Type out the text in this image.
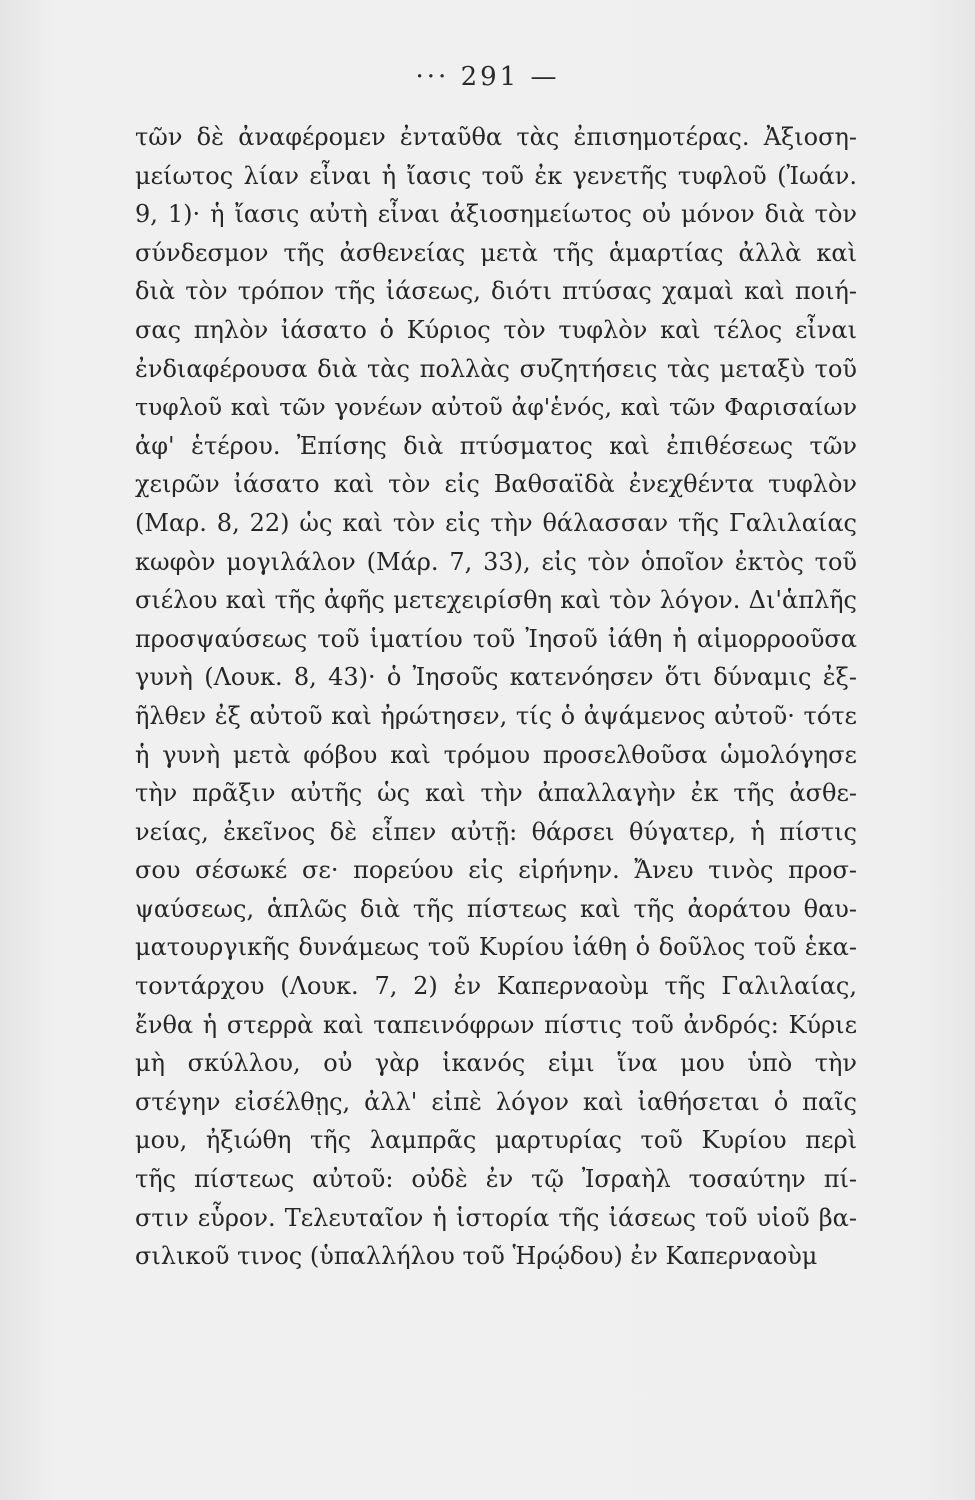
··· 291 —
τῶν δὲ ἀναφέρομεν ἐνταῦθα τὰς ἐπισημοτέρας. Ἀξιοση-
μείωτος λίαν εἶναι ἡ ἴασις τοῦ ἐκ γενετῆς τυφλοῦ (Ἰωάν.
9, 1)· ἡ ἴασις αὐτὴ εἶναι ἀξιοσημείωτος οὐ μόνον διὰ τὸν
σύνδεσμον τῆς ἀσθενείας μετὰ τῆς ἁμαρτίας ἀλλὰ καὶ
διὰ τὸν τρόπον τῆς ἰάσεως, διότι πτύσας χαμαὶ καὶ ποιή-
σας πηλὸν ἰάσατο ὁ Κύριος τὸν τυφλὸν καὶ τέλος εἶναι
ἐνδιαφέρουσα διὰ τὰς πολλὰς συζητήσεις τὰς μεταξὺ τοῦ
τυφλοῦ καὶ τῶν γονέων αὐτοῦ ἀφ'ἑνός, καὶ τῶν Φαρισαίων
ἀφ' ἑτέρου. Ἐπίσης διὰ πτύσματος καὶ ἐπιθέσεως τῶν
χειρῶν ἰάσατο καὶ τὸν εἰς Βαθσαϊδὰ ἐνεχθέντα τυφλὸν
(Μαρ. 8, 22) ὡς καὶ τὸν εἰς τὴν θάλασσαν τῆς Γαλιλαίας
κωφὸν μογιλάλον (Μάρ. 7, 33), εἰς τὸν ὁποῖον ἐκτὸς τοῦ
σιέλου καὶ τῆς ἀφῆς μετεχειρίσθη καὶ τὸν λόγον. Δι'ἁπλῆς
προσψαύσεως τοῦ ἱματίου τοῦ Ἰησοῦ ἰάθη ἡ αἱμορροοῦσα
γυνὴ (Λουκ. 8, 43)· ὁ Ἰησοῦς κατενόησεν ὅτι δύναμις ἐξ-
ῆλθεν ἐξ αὐτοῦ καὶ ἠρώτησεν, τίς ὁ ἀψάμενος αὐτοῦ· τότε
ἡ γυνὴ μετὰ φόβου καὶ τρόμου προσελθοῦσα ὡμολόγησε
τὴν πρᾶξιν αὐτῆς ὡς καὶ τὴν ἀπαλλαγὴν ἐκ τῆς ἀσθε-
νείας, ἐκεῖνος δὲ εἶπεν αὐτῇ: θάρσει θύγατερ, ἡ πίστις
σου σέσωκέ σε· πορεύου εἰς εἰρήνην. Ἄνευ τινὸς προσ-
ψαύσεως, ἁπλῶς διὰ τῆς πίστεως καὶ τῆς ἀοράτου θαυ-
ματουργικῆς δυνάμεως τοῦ Κυρίου ἰάθη ὁ δοῦλος τοῦ ἑκα-
τοντάρχου (Λουκ. 7, 2) ἐν Καπερναοὺμ τῆς Γαλιλαίας,
ἔνθα ἡ στερρὰ καὶ ταπεινόφρων πίστις τοῦ ἀνδρός: Κύριε
μὴ σκύλλου, οὐ γὰρ ἱκανός εἰμι ἵνα μου ὑπὸ τὴν
στέγην εἰσέλθῃς, ἀλλ' εἰπὲ λόγον καὶ ἰαθήσεται ὁ παῖς
μου, ἠξιώθη τῆς λαμπρᾶς μαρτυρίας τοῦ Κυρίου περὶ
τῆς πίστεως αὐτοῦ: οὐδὲ ἐν τῷ Ἰσραὴλ τοσαύτην πί-
στιν εὗρον. Τελευταῖον ἡ ἱστορία τῆς ἰάσεως τοῦ υἱοῦ βα-
σιλικοῦ τινος (ὑπαλλήλου τοῦ Ἡρῴδου) ἐν Καπερναοὺμ
